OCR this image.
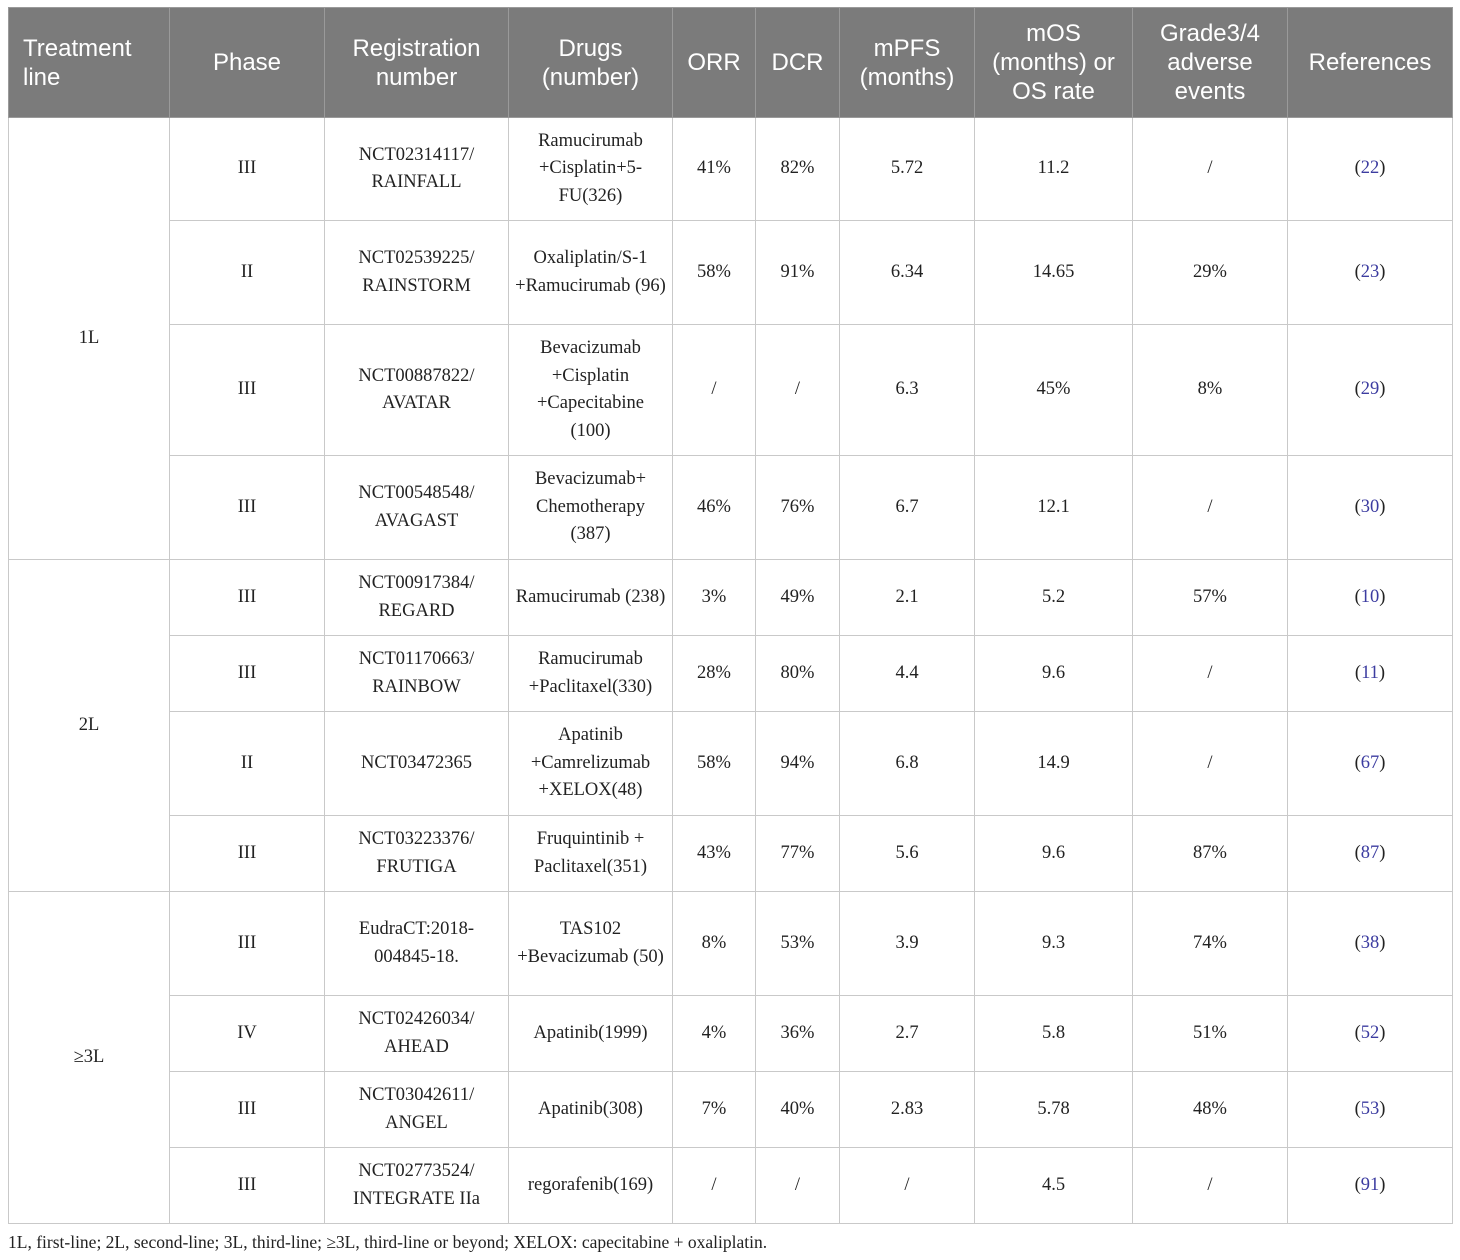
Treatment line	Phase	Registration number	Drugs (number)	ORR	DCR	mPFS (months)	mOS (months) or OS rate	Grade3/4 adverse events	References
1L	III	NCT02314117/ RAINFALL	Ramucirumab +Cisplatin+5- FU(326)	41%	82%	5.72	11.2	/	(22)
	II	NCT02539225/ RAINSTORM	Oxaliplatin/S-1 +Ramucirumab (96)	58%	91%	6.34	14.65	29%	(23)
	III	NCT00887822/ AVATAR	Bevacizumab +Cisplatin +Capecitabine (100)	/	/	6.3	45%	8%	(29)
	III	NCT00548548/ AVAGAST	Bevacizumab+ Chemotherapy (387)	46%	76%	6.7	12.1	/	(30)
2L	III	NCT00917384/ REGARD	Ramucirumab (238)	3%	49%	2.1	5.2	57%	(10)
	III	NCT01170663/ RAINBOW	Ramucirumab +Paclitaxel(330)	28%	80%	4.4	9.6	/	(11)
	II	NCT03472365	Apatinib +Camrelizumab +XELOX(48)	58%	94%	6.8	14.9	/	(67)
	III	NCT03223376/ FRUTIGA	Fruquintinib + Paclitaxel(351)	43%	77%	5.6	9.6	87%	(87)
≥3L	III	EudraCT:2018- 004845-18.	TAS102 +Bevacizumab (50)	8%	53%	3.9	9.3	74%	(38)
	IV	NCT02426034/ AHEAD	Apatinib(1999)	4%	36%	2.7	5.8	51%	(52)
	III	NCT03042611/ ANGEL	Apatinib(308)	7%	40%	2.83	5.78	48%	(53)
	III	NCT02773524/ INTEGRATE IIa	regorafenib(169)	/	/	/	4.5	/	(91)
1L, first-line; 2L, second-line; 3L, third-line; ≥3L, third-line or beyond; XELOX: capecitabine + oxaliplatin.
